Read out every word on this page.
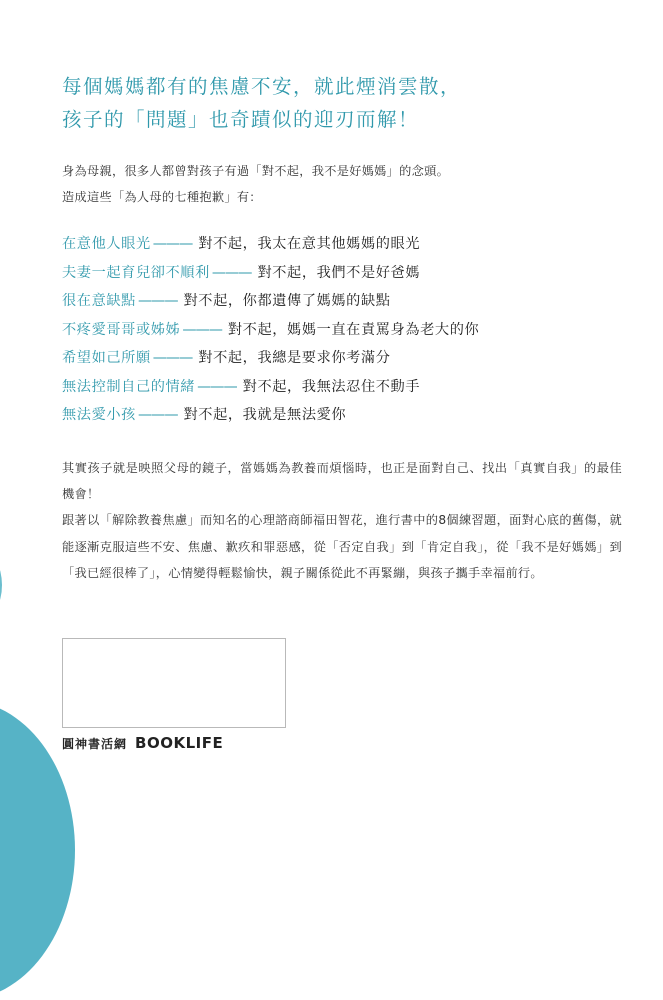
每個媽媽都有的焦慮不安，就此煙消雲散，
孩子的「問題」也奇蹟似的迎刃而解！
身為母親，很多人都曾對孩子有過「對不起，我不是好媽媽」的念頭。
造成這些「為人母的七種抱歉」有：
在意他人眼光 ——— 對不起，我太在意其他媽媽的眼光
夫妻一起育兒卻不順利 ——— 對不起，我們不是好爸媽
很在意缺點 ——— 對不起，你都遺傳了媽媽的缺點
不疼愛哥哥或姊姊 ——— 對不起，媽媽一直在責罵身為老大的你
希望如己所願 ——— 對不起，我總是要求你考滿分
無法控制自己的情緒 ——— 對不起，我無法忍住不動手
無法愛小孩 ——— 對不起，我就是無法愛你

其實孩子就是映照父母的鏡子，當媽媽為教養而煩惱時，也正是面對自己、找出「真實自我」的最佳機會！

跟著以「解除教養焦慮」而知名的心理諮商師福田智花，進行書中的8個練習題，面對心底的舊傷，就能逐漸克服這些不安、焦慮、歉疚和罪惡感，從「否定自我」到「肯定自我」，從「我不是好媽媽」到「我已經很棒了」，心情變得輕鬆愉快，親子關係從此不再緊繃，與孩子攜手幸福前行。

圓神書活網 BOOKLIFE
